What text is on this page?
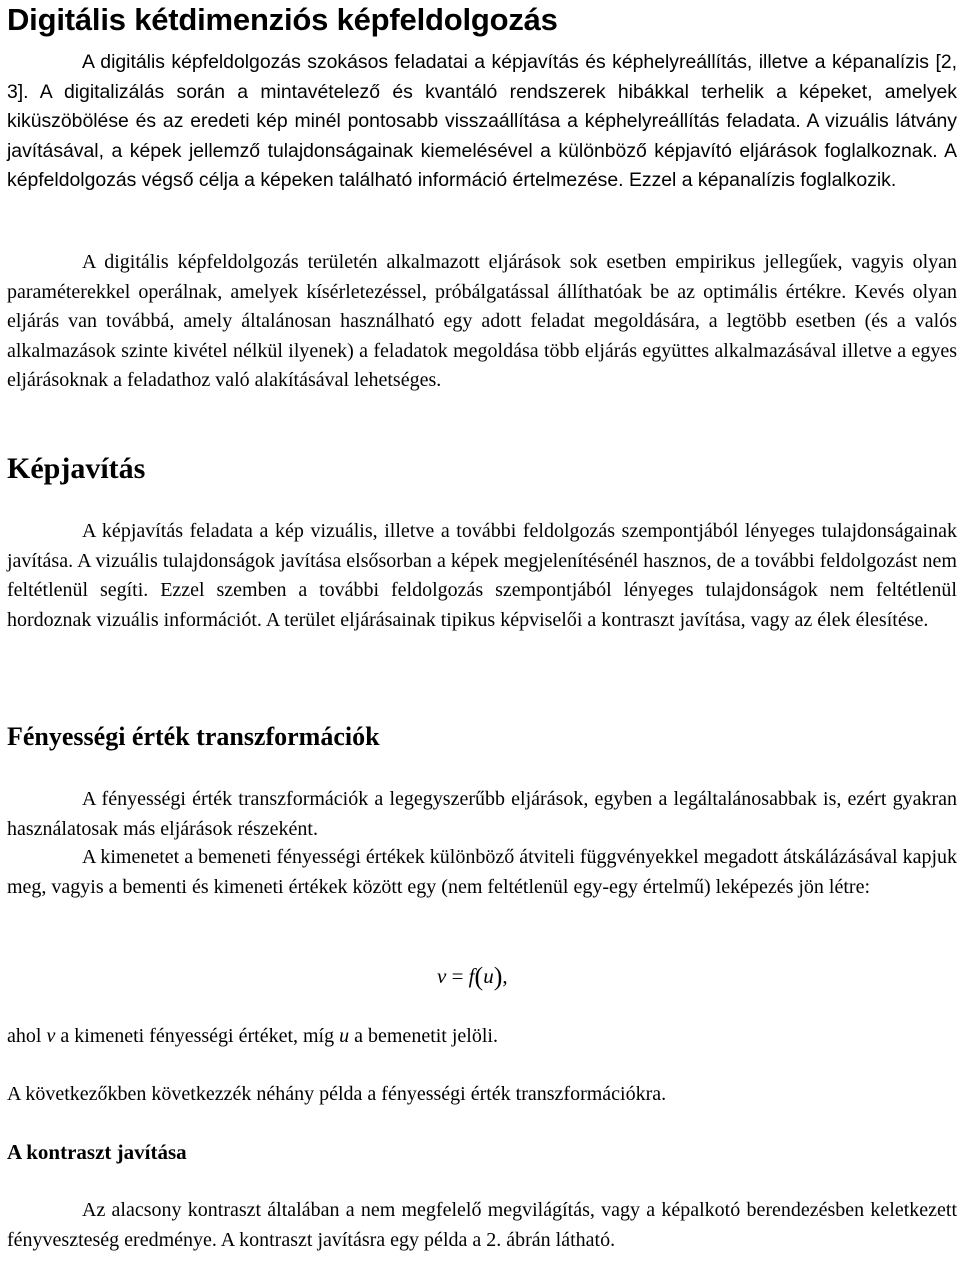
Digitális kétdimenziós képfeldolgozás

A digitális képfeldolgozás szokásos feladatai a képjavítás és képhelyreállítás, illetve a képanalízis [2, 3]. A digitalizálás során a mintavételező és kvantáló rendszerek hibákkal terhelik a képeket, amelyek kiküszöbölése és az eredeti kép minél pontosabb visszaállítása a képhelyreállítás feladata. A vizuális látvány javításával, a képek jellemző tulajdonságainak kiemelésével a különböző képjavító eljárások foglalkoznak. A képfeldolgozás végső célja a képeken található információ értelmezése. Ezzel a képanalízis foglalkozik.

A digitális képfeldolgozás területén alkalmazott eljárások sok esetben empirikus jellegűek, vagyis olyan paraméterekkel operálnak, amelyek kísérletezéssel, próbálgatással állíthatóak be az optimális értékre. Kevés olyan eljárás van továbbá, amely általánosan használható egy adott feladat megoldására, a legtöbb esetben (és a valós alkalmazások szinte kivétel nélkül ilyenek) a feladatok megoldása több eljárás együttes alkalmazásával illetve a egyes eljárásoknak a feladathoz való alakításával lehetséges.

Képjavítás

A képjavítás feladata a kép vizuális, illetve a további feldolgozás szempontjából lényeges tulajdonságainak javítása. A vizuális tulajdonságok javítása elsősorban a képek megjelenítésénél hasznos, de a további feldolgozást nem feltétlenül segíti. Ezzel szemben a további feldolgozás szempontjából lényeges tulajdonságok nem feltétlenül hordoznak vizuális információt. A terület eljárásainak tipikus képviselői a kontraszt javítása, vagy az élek élesítése.

Fényességi érték transzformációk

A fényességi érték transzformációk a legegyszerűbb eljárások, egyben a legáltalánosabbak is, ezért gyakran használatosak más eljárások részeként.

A kimenetet a bemeneti fényességi értékek különböző átviteli függvényekkel megadott átskálázásával kapjuk meg, vagyis a bementi és kimeneti értékek között egy (nem feltétlenül egy-egy értelmű) leképezés jön létre:

v = f(u),

ahol v a kimeneti fényességi értéket, míg u a bemenetit jelöli.

A következőkben következzék néhány példa a fényességi érték transzformációkra.

A kontraszt javítása

Az alacsony kontraszt általában a nem megfelelő megvilágítás, vagy a képalkotó berendezésben keletkezett fényveszteség eredménye. A kontraszt javításra egy példa a 2. ábrán látható.
